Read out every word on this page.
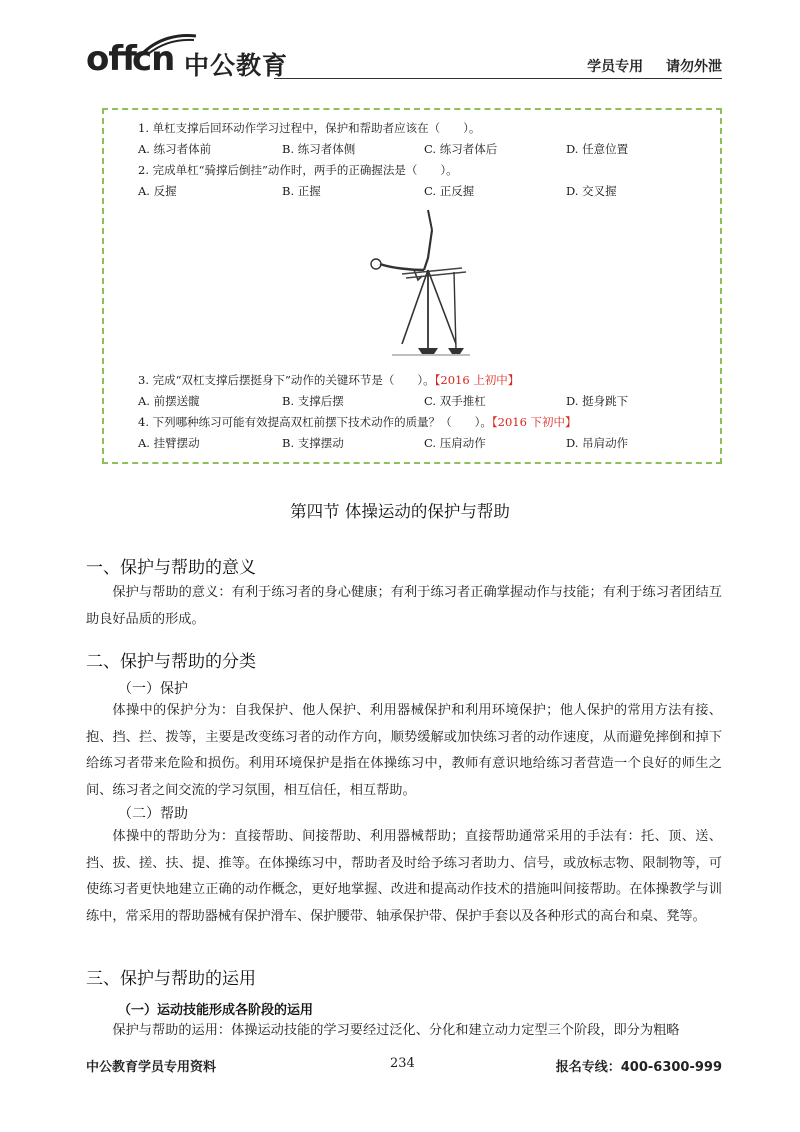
off
cn 中公教育	学员专用 请勿外泄
1. 单杠支撑后回环动作学习过程中，保护和帮助者应该在（　　）。
A. 练习者体前	B. 练习者体侧	C. 练习者体后	D. 任意位置
2. 完成单杠“骑撑后倒挂”动作时，两手的正确握法是（　　）。
A. 反握	B. 正握	C. 正反握	D. 交叉握
3. 完成“双杠支撑后摆挺身下”动作的关键环节是（　　）。【2016 上初中】
A. 前摆送髋	B. 支撑后摆	C. 双手推杠	D. 挺身跳下
4. 下列哪种练习可能有效提高双杠前摆下技术动作的质量？（　　）。【2016 下初中】
A. 挂臂摆动	B. 支撑摆动	C. 压肩动作	D. 吊肩动作
第四节 体操运动的保护与帮助
一、保护与帮助的意义
保护与帮助的意义：有利于练习者的身心健康；有利于练习者正确掌握动作与技能；有利于练习者团结互助良好品质的形成。
二、保护与帮助的分类
（一）保护
体操中的保护分为：自我保护、他人保护、利用器械保护和利用环境保护；他人保护的常用方法有接、抱、挡、拦、拨等，主要是改变练习者的动作方向，顺势缓解或加快练习者的动作速度，从而避免摔倒和掉下给练习者带来危险和损伤。利用环境保护是指在体操练习中，教师有意识地给练习者营造一个良好的师生之间、练习者之间交流的学习氛围，相互信任，相互帮助。
（二）帮助
体操中的帮助分为：直接帮助、间接帮助、利用器械帮助；直接帮助通常采用的手法有：托、顶、送、挡、拔、搓、扶、提、推等。在体操练习中，帮助者及时给予练习者助力、信号，或放标志物、限制物等，可使练习者更快地建立正确的动作概念，更好地掌握、改进和提高动作技术的措施叫间接帮助。在体操教学与训练中，常采用的帮助器械有保护滑车、保护腰带、轴承保护带、保护手套以及各种形式的高台和桌、凳等。
三、保护与帮助的运用
（一）运动技能形成各阶段的运用
保护与帮助的运用：体操运动技能的学习要经过泛化、分化和建立动力定型三个阶段，即分为粗略
中公教育学员专用资料	234	报名专线：400-6300-999
